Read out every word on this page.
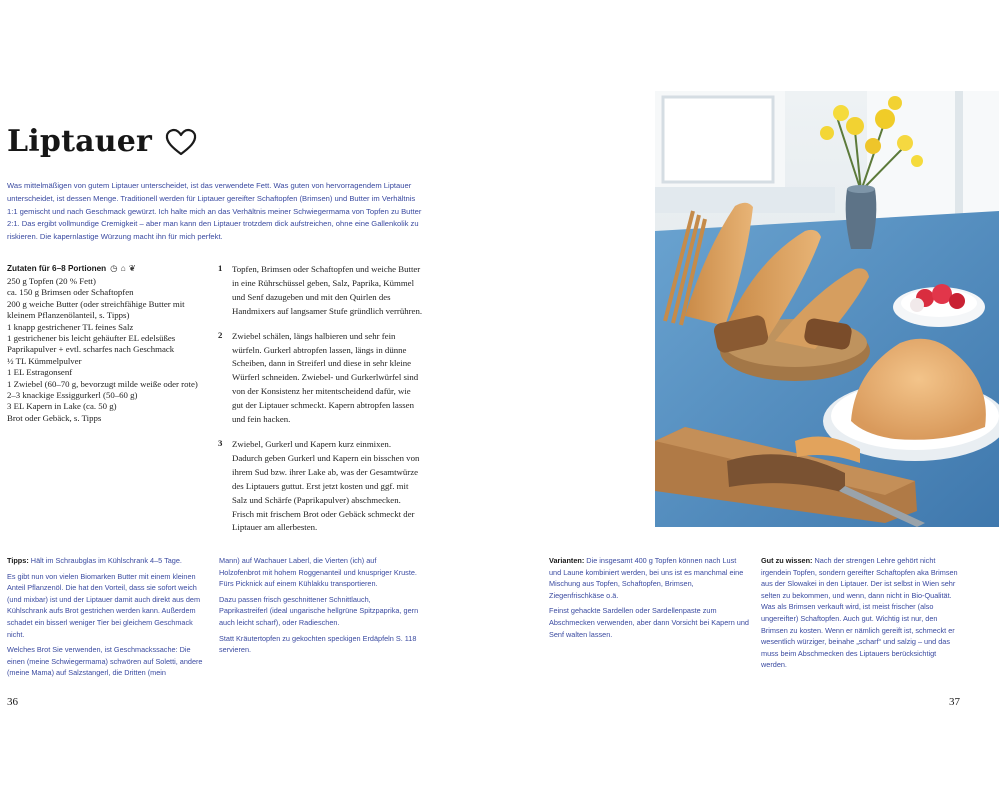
Liptauer

Was mittelmäßigen von gutem Liptauer unterscheidet, ist das verwendete Fett. Was guten von hervorragendem Liptauer unterscheidet, ist dessen Menge. Traditionell werden für Liptauer gereifter Schaftopfen (Brimsen) und Butter im Verhältnis 1:1 gemischt und nach Geschmack gewürzt. Ich halte mich an das Verhältnis meiner Schwiegermama von Topfen zu Butter 2:1. Das ergibt vollmundige Cremigkeit – aber man kann den Liptauer trotzdem dick aufstreichen, ohne eine Gallenkolik zu riskieren. Die kapernlastige Würzung macht ihn für mich perfekt.

Zutaten für 6–8 Portionen ◷ ⌂ ❦
250 g Topfen (20 % Fett)
ca. 150 g Brimsen oder Schaftopfen
200 g weiche Butter (oder streichfähige Butter mit kleinem Pflanzenölanteil, s. Tipps)
1 knapp gestrichener TL feines Salz
1 gestrichener bis leicht gehäufter EL edelsüßes Paprikapulver + evtl. scharfes nach Geschmack
½ TL Kümmelpulver
1 EL Estragonsenf
1 Zwiebel (60–70 g, bevorzugt milde weiße oder rote)
2–3 knackige Essiggurkerl (50–60 g)
3 EL Kapern in Lake (ca. 50 g)
Brot oder Gebäck, s. Tipps
1 Topfen, Brimsen oder Schaftopfen und weiche Butter in eine Rührschüssel geben, Salz, Paprika, Kümmel und Senf dazugeben und mit den Quirlen des Handmixers auf langsamer Stufe gründlich verrühren.
2 Zwiebel schälen, längs halbieren und sehr fein würfeln. Gurkerl abtropfen lassen, längs in dünne Scheiben, dann in Streiferl und diese in sehr kleine Würferl schneiden. Zwiebel- und Gurkerlwürfel sind von der Konsistenz her mitentscheidend dafür, wie gut der Liptauer schmeckt. Kapern abtropfen lassen und fein hacken.
3 Zwiebel, Gurkerl und Kapern kurz einmixen. Dadurch geben Gurkerl und Kapern ein bisschen von ihrem Sud bzw. ihrer Lake ab, was der Gesamtwürze des Liptauers guttut. Erst jetzt kosten und ggf. mit Salz und Schärfe (Paprikapulver) abschmecken. Frisch mit frischem Brot oder Gebäck schmeckt der Liptauer am allerbesten.

Tipps: Hält im Schraubglas im Kühlschrank 4–5 Tage.

Es gibt nun von vielen Biomarken Butter mit einem kleinen Anteil Pflanzenöl. Die hat den Vorteil, dass sie sofort weich (und mixbar) ist und der Liptauer damit auch direkt aus dem Kühlschrank aufs Brot gestrichen werden kann. Außerdem schadet ein bisserl weniger Tier bei gleichem Geschmack nicht.

Welches Brot Sie verwenden, ist Geschmackssache: Die einen (meine Schwiegermama) schwören auf Soletti, andere (meine Mama) auf Salzstangerl, die Dritten (mein

Mann) auf Wachauer Laberl, die Vierten (ich) auf Holzofenbrot mit hohem Roggenanteil und knuspriger Kruste. Fürs Picknick auf einem Kühlakku transportieren.

Dazu passen frisch geschnittener Schnittlauch, Paprikastreiferl (ideal ungarische hellgrüne Spitzpaprika, gern auch leicht scharf), oder Radieschen.

Statt Kräutertopfen zu gekochten speckigen Erdäpfeln S. 118 servieren.

Varianten: Die insgesamt 400 g Topfen können nach Lust und Laune kombiniert werden, bei uns ist es manchmal eine Mischung aus Topfen, Schaftopfen, Brimsen, Ziegenfrischkäse o.ä.

Feinst gehackte Sardellen oder Sardellenpaste zum Abschmecken verwenden, aber dann Vorsicht bei Kapern und Senf walten lassen.

Gut zu wissen: Nach der strengen Lehre gehört nicht irgendein Topfen, sondern gereifter Schaftopfen aka Brimsen aus der Slowakei in den Liptauer. Der ist selbst in Wien sehr selten zu bekommen, und wenn, dann nicht in Bio-Qualität. Was als Brimsen verkauft wird, ist meist frischer (also ungereifter) Schaftopfen. Auch gut. Wichtig ist nur, den Brimsen zu kosten. Wenn er nämlich gereift ist, schmeckt er wesentlich würziger, beinahe „scharf“ und salzig – und das muss beim Abschmecken des Liptauers berücksichtigt werden.

36	37
